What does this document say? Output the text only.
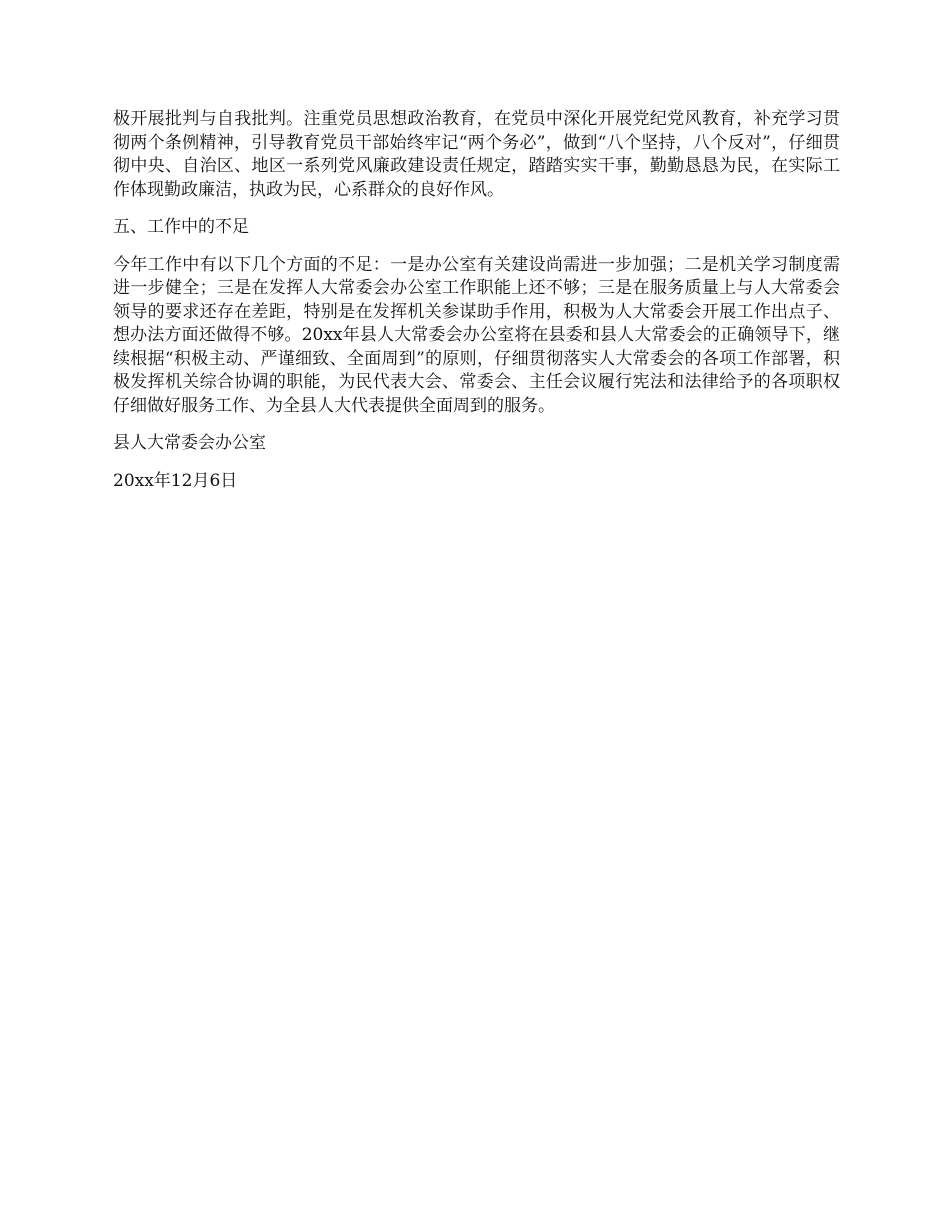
极开展批判与自我批判。注重党员思想政治教育，在党员中深化开展党纪党风教育，补充学习贯彻两个条例精神，引导教育党员干部始终牢记“两个务必”，做到“八个坚持，八个反对”，仔细贯彻中央、自治区、地区一系列党风廉政建设责任规定，踏踏实实干事，勤勤恳恳为民，在实际工作体现勤政廉洁，执政为民，心系群众的良好作风。

五、工作中的不足

今年工作中有以下几个方面的不足：一是办公室有关建设尚需进一步加强；二是机关学习制度需进一步健全；三是在发挥人大常委会办公室工作职能上还不够；三是在服务质量上与人大常委会领导的要求还存在差距，特别是在发挥机关参谋助手作用，积极为人大常委会开展工作出点子、想办法方面还做得不够。20xx年县人大常委会办公室将在县委和县人大常委会的正确领导下，继续根据“积极主动、严谨细致、全面周到”的原则，仔细贯彻落实人大常委会的各项工作部署，积极发挥机关综合协调的职能，为民代表大会、常委会、主任会议履行宪法和法律给予的各项职权仔细做好服务工作、为全县人大代表提供全面周到的服务。

县人大常委会办公室

20xx年12月6日
